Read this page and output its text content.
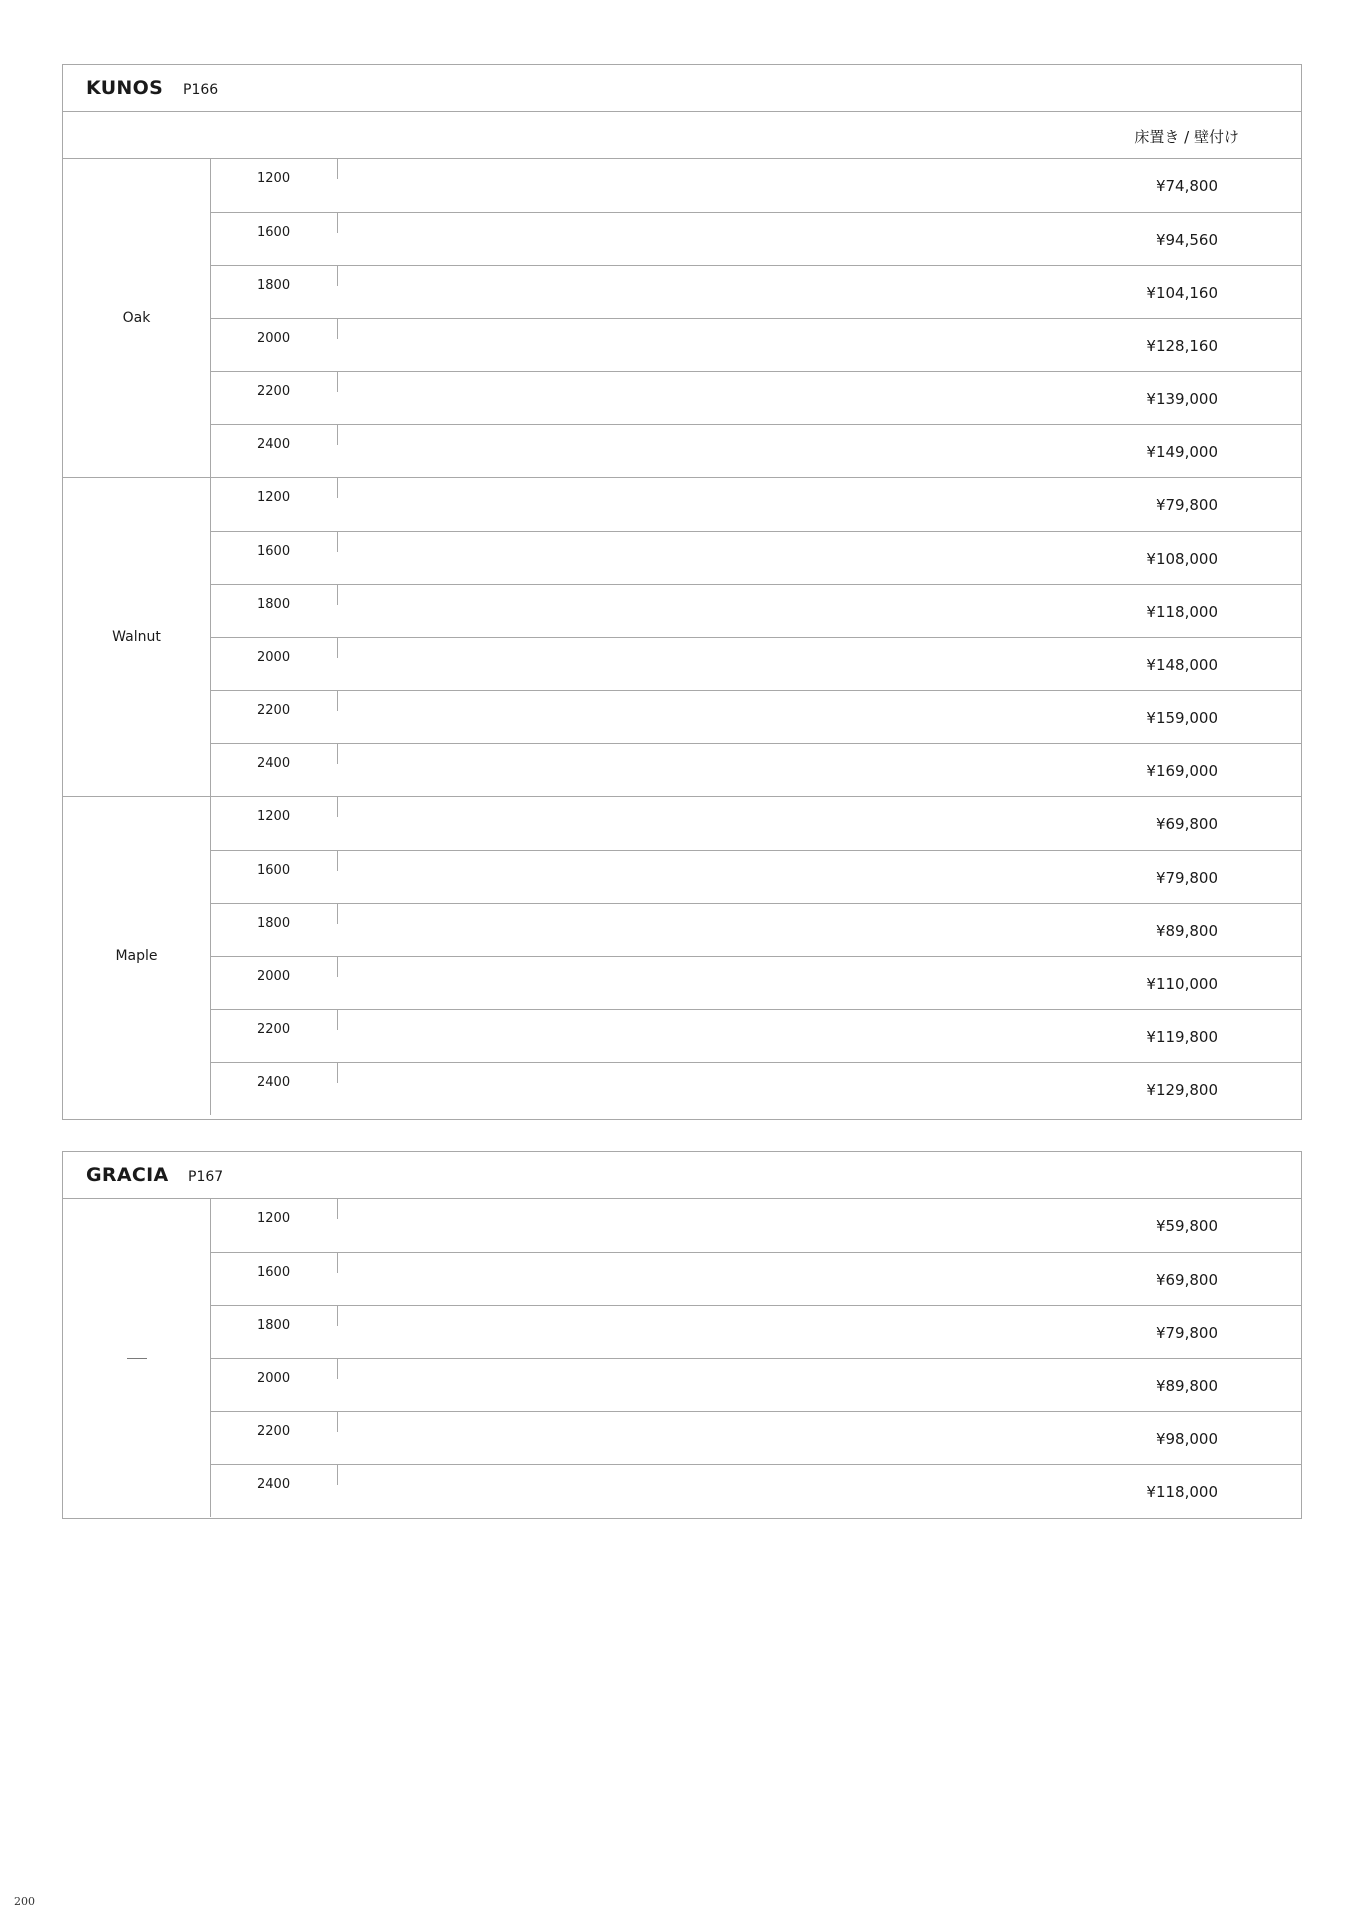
KUNOS P166
床置き / 壁付け
Oak
1200	¥74,800
1600	¥94,560
1800	¥104,160
2000	¥128,160
2200	¥139,000
2400	¥149,000
Walnut
1200	¥79,800
1600	¥108,000
1800	¥118,000
2000	¥148,000
2200	¥159,000
2400	¥169,000
Maple
1200	¥69,800
1600	¥79,800
1800	¥89,800
2000	¥110,000
2200	¥119,800
2400	¥129,800
GRACIA P167
1200	¥59,800
1600	¥69,800
1800	¥79,800
2000	¥89,800
2200	¥98,000
2400	¥118,000
200
